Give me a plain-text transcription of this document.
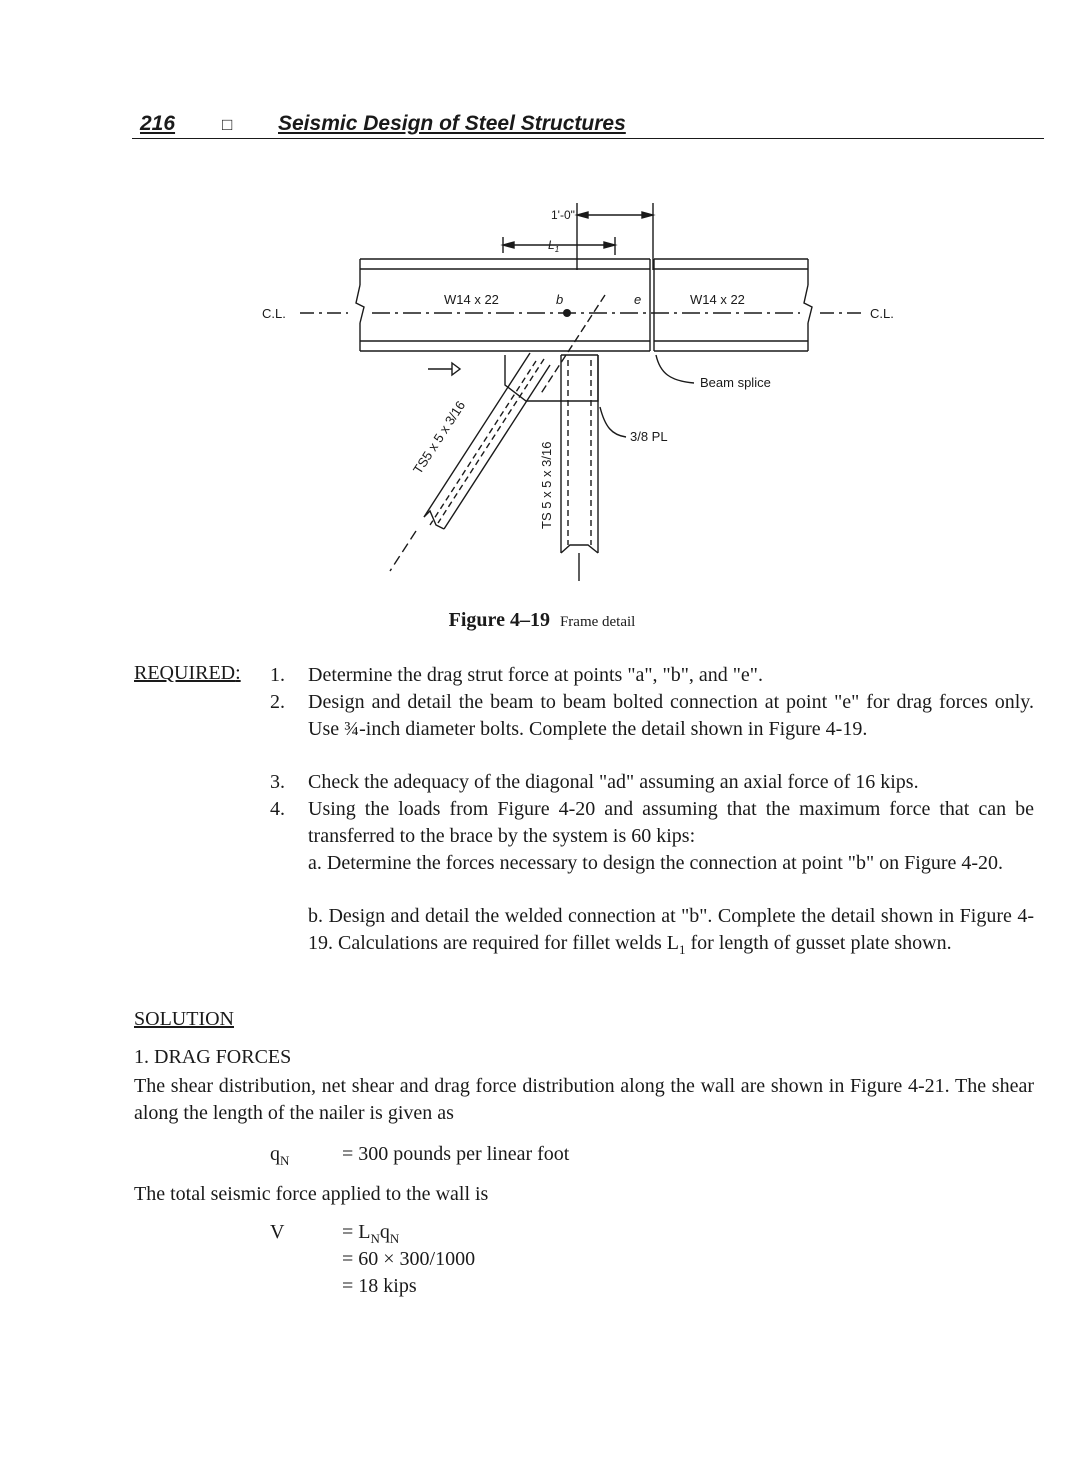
216	□ Seismic Design of Steel Structures
1'-0"
$L_1$
C.L.	C.L.
W14 x 22	W14 x 22
b	e
Beam splice
3/8 PL
TS5 x 5 x 3/16
TS 5 x 5 x 3/16
Figure 4–19 Frame detail
REQUIRED: 1. Determine the drag strut force at points "a", "b", and "e".
2. Design and detail the beam to beam bolted connection at point "e" for drag forces only. Use ¾-inch diameter bolts. Complete the detail shown in Figure 4-19.
3. Check the adequacy of the diagonal "ad" assuming an axial force of 16 kips.
4. Using the loads from Figure 4-20 and assuming that the maximum force that can be transferred to the brace by the system is 60 kips:
a. Determine the forces necessary to design the connection at point "b" on Figure 4-20.
b. Design and detail the welded connection at "b". Complete the detail shown in Figure 4-19. Calculations are required for fillet welds $L_1$ for length of gusset plate shown.
SOLUTION
1. DRAG FORCES
The shear distribution, net shear and drag force distribution along the wall are shown in Figure 4-21. The shear along the length of the nailer is given as
$q_N$	= 300 pounds per linear foot
The total seismic force applied to the wall is
V	= $L_Nq_N$
= 60 × 300/1000
= 18 kips
